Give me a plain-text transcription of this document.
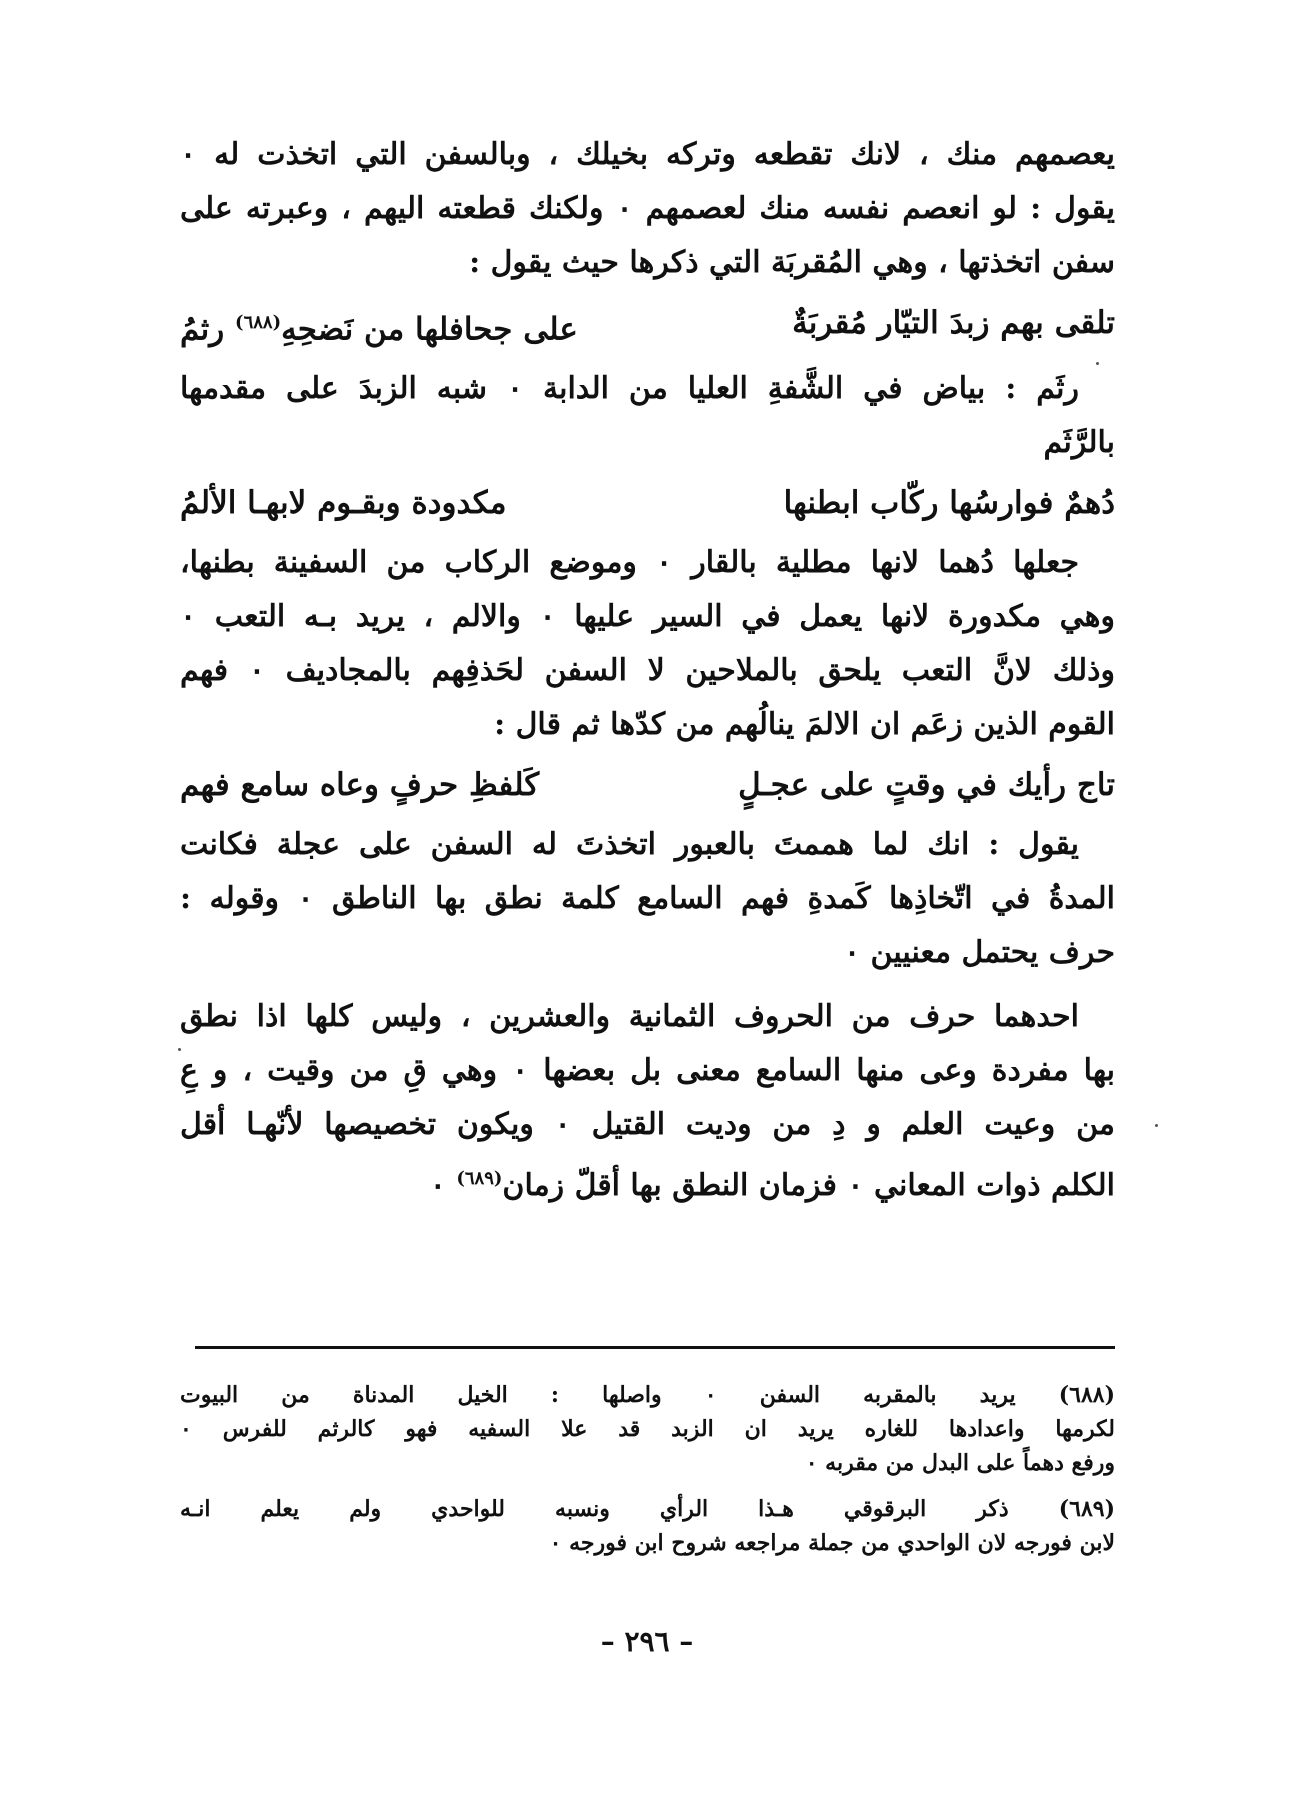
يعصمهم منك ، لانك تقطعه وتركه بخيلك ، وبالسفن التي اتخذت له ٠
يقول : لو انعصم نفسه منك لعصمهم ٠ ولكنك قطعته اليهم ، وعبرته على
سفن اتخذتها ، وهي المُقربَة التي ذكرها حيث يقول :
تلقى بهم زبدَ التيّار مُقربَةٌ
على جحافلها من نَضحِهِ$^{(٦٨٨)}$ رثمُ
رثَم : بياض في الشَّفةِ العليا من الدابة ٠ شبه الزبدَ على مقدمها
بالرَّثَم
دُهمٌ فوارسُها ركّاب ابطنها
مكدودة وبقـوم لابهـا الألمُ
جعلها دُهما لانها مطلية بالقار ٠ وموضع الركاب من السفينة بطنها،
وهي مكدورة لانها يعمل في السير عليها ٠ والالم ، يريد بـه التعب ٠
وذلك لانَّ التعب يلحق بالملاحين لا السفن لحَذفِهم بالمجاديف ٠ فهم
القوم الذين زعَم ان الالمَ ينالُهم من كدّها ثم قال :
تاج رأيك في وقتٍ على عجـلٍ
كَلفظِ حرفٍ وعاه سامع فهم
يقول : انك لما هممتَ بالعبور اتخذتَ له السفن على عجلة فكانت
المدةُ في اتّخاذِها كَمدةِ فهم السامع كلمة نطق بها الناطق ٠ وقوله :
حرف يحتمل معنيين ٠
احدهما حرف من الحروف الثمانية والعشرين ، وليس كلها اذا نطق
بها مفردة وعى منها السامع معنى بل بعضها ٠ وهي قِ من وقيت ، و عِ
من وعيت العلم و دِ من وديت القتيل ٠ ويكون تخصيصها لأنّهـا أقل
الكلم ذوات المعاني ٠ فزمان النطق بها أقلّ زمان$^{(٦٨٩)}$ ٠
(٦٨٨) يريد بالمقربه السفن ٠ واصلها : الخيل المدناة من البيوت
لكرمها واعدادها للغاره يريد ان الزبد قد علا السفيه فهو كالرثم للفرس ٠
ورفع دهماً على البدل من مقربه ٠
(٦٨٩) ذكر البرقوقي هـذا الرأي ونسبه للواحدي ولم يعلم انـه
لابن فورجه لان الواحدي من جملة مراجعه شروح ابن فورجه ٠
– ٢٩٦ –
